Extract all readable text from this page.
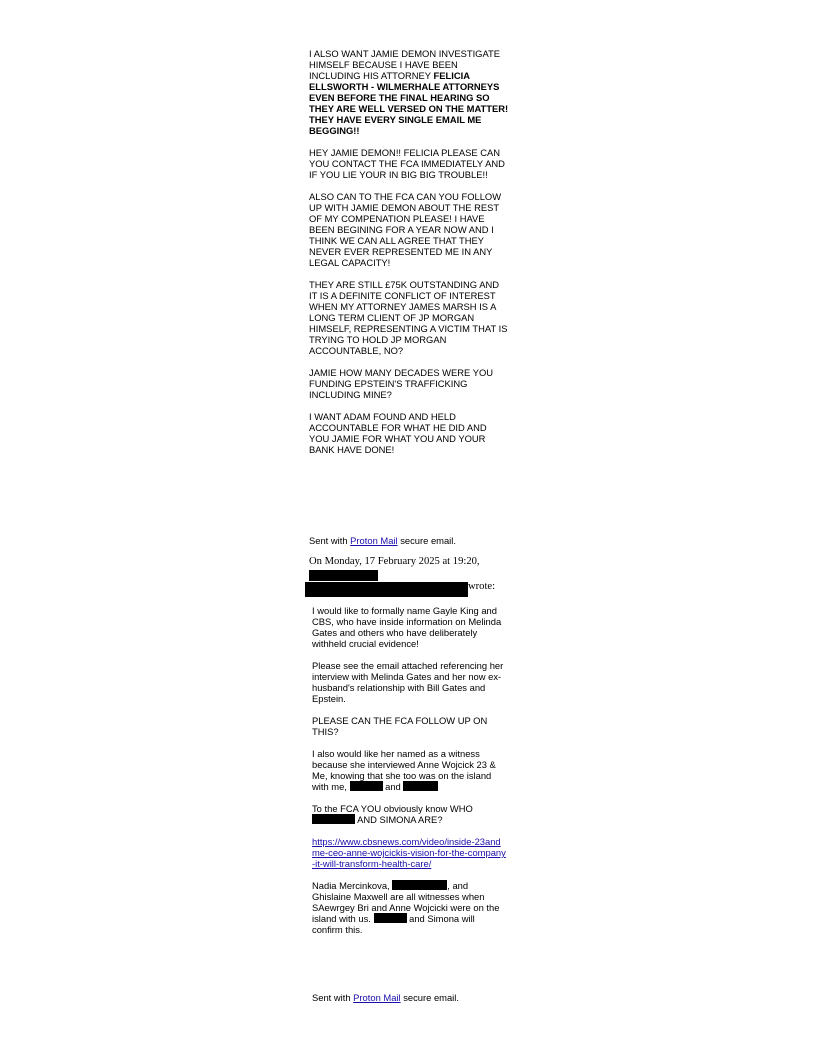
I ALSO WANT JAMIE DEMON INVESTIGATE HIMSELF BECAUSE I HAVE BEEN INCLUDING HIS ATTORNEY FELICIA ELLSWORTH - WILMERHALE ATTORNEYS EVEN BEFORE THE FINAL HEARING SO THEY ARE WELL VERSED ON THE MATTER! THEY HAVE EVERY SINGLE EMAIL ME BEGGING!!

HEY JAMIE DEMON!! FELICIA PLEASE CAN YOU CONTACT THE FCA IMMEDIATELY AND IF YOU LIE YOUR IN BIG BIG TROUBLE!!

ALSO CAN TO THE FCA CAN YOU FOLLOW UP WITH JAMIE DEMON ABOUT THE REST OF MY COMPENATION PLEASE! I HAVE BEEN BEGINING FOR A YEAR NOW AND I THINK WE CAN ALL AGREE THAT THEY NEVER EVER REPRESENTED ME IN ANY LEGAL CAPACITY!

THEY ARE STILL £75K OUTSTANDING AND IT IS A DEFINITE CONFLICT OF INTEREST WHEN MY ATTORNEY JAMES MARSH IS A LONG TERM CLIENT OF JP MORGAN HIMSELF, REPRESENTING A VICTIM THAT IS TRYING TO HOLD JP MORGAN ACCOUNTABLE, NO?

JAMIE HOW MANY DECADES WERE YOU FUNDING EPSTEIN'S TRAFFICKING INCLUDING MINE?

I WANT ADAM FOUND AND HELD ACCOUNTABLE FOR WHAT HE DID AND YOU JAMIE FOR WHAT YOU AND YOUR BANK HAVE DONE!

Sent with Proton Mail secure email.
On Monday, 17 February 2025 at 19:20,
wrote:

I would like to formally name Gayle King and CBS, who have inside information on Melinda Gates and others who have deliberately withheld crucial evidence!

Please see the email attached referencing her interview with Melinda Gates and her now ex-husband's relationship with Bill Gates and Epstein.

PLEASE CAN THE FCA FOLLOW UP ON THIS?

I also would like her named as a witness because she interviewed Anne Wojcick 23 & Me, knowing that she too was on the island with me,	and

To the FCA YOU obviously know WHO  AND SIMONA ARE?

https://www.cbsnews.com/video/inside-23andme-ceo-anne-wojcickis-vision-for-the-company-it-will-transform-health-care/

Nadia Mercinkova,	, and Ghislaine Maxwell are all witnesses when SAewrgey Bri and Anne Wojcicki were on the island with us.	and Simona will confirm this.

Sent with Proton Mail secure email.
